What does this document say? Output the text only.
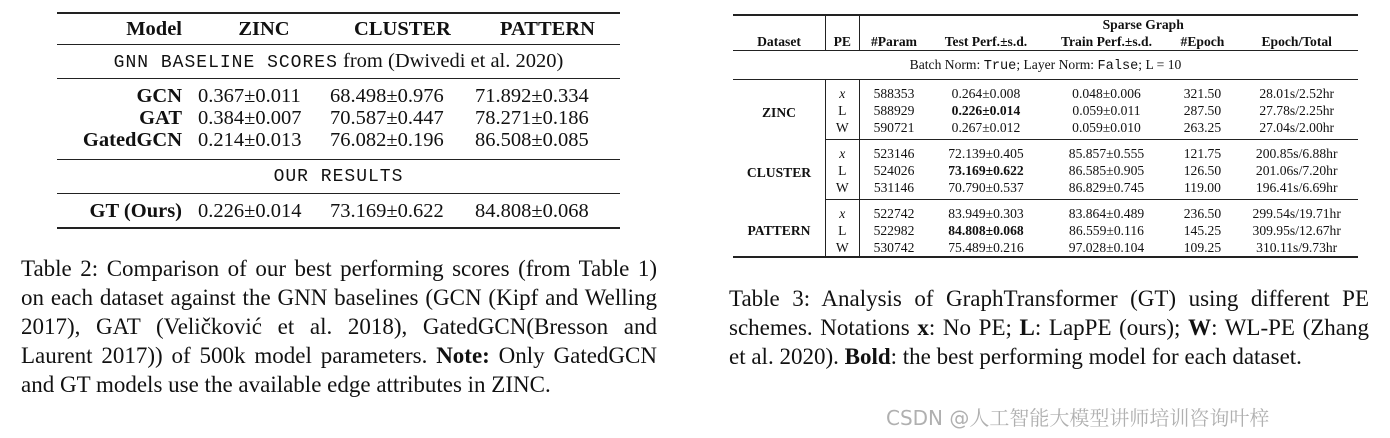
Model	ZINC	CLUSTER	PATTERN
GNN BASELINE SCORES from (Dwivedi et al. 2020)			
GCN	0.367±0.011	68.498±0.976	71.892±0.334
GAT	0.384±0.007	70.587±0.447	78.271±0.186
GatedGCN	0.214±0.013	76.082±0.196	86.508±0.085
OUR RESULTS			
GT (Ours)	0.226±0.014	73.169±0.622	84.808±0.068
Table 2: Comparison of our best performing scores (from Table 1) on each dataset against the GNN baselines (GCN (Kipf and Welling 2017), GAT (Veličković et al. 2018), GatedGCN(Bresson and Laurent 2017)) of 500k model parameters. Note: Only GatedGCN and GT models use the available edge attributes in ZINC.
			Sparse Graph			
Dataset	PE	#Param	Test Perf.±s.d.	Train Perf.±s.d.	#Epoch	Epoch/Total
Batch Norm: True; Layer Norm: False; L = 10						
ZINC	x	588353	0.264±0.008	0.048±0.006	321.50	28.01s/2.52hr
	L	588929	0.226±0.014	0.059±0.011	287.50	27.78s/2.25hr
	W	590721	0.267±0.012	0.059±0.010	263.25	27.04s/2.00hr
CLUSTER	x	523146	72.139±0.405	85.857±0.555	121.75	200.85s/6.88hr
	L	524026	73.169±0.622	86.585±0.905	126.50	201.06s/7.20hr
	W	531146	70.790±0.537	86.829±0.745	119.00	196.41s/6.69hr
PATTERN	x	522742	83.949±0.303	83.864±0.489	236.50	299.54s/19.71hr
	L	522982	84.808±0.068	86.559±0.116	145.25	309.95s/12.67hr
	W	530742	75.489±0.216	97.028±0.104	109.25	310.11s/9.73hr
Table 3: Analysis of GraphTransformer (GT) using different PE schemes. Notations x: No PE; L: LapPE (ours); W: WL-PE (Zhang et al. 2020). Bold: the best performing model for each dataset.
CSDN @人工智能大模型讲师培训咨询叶梓
